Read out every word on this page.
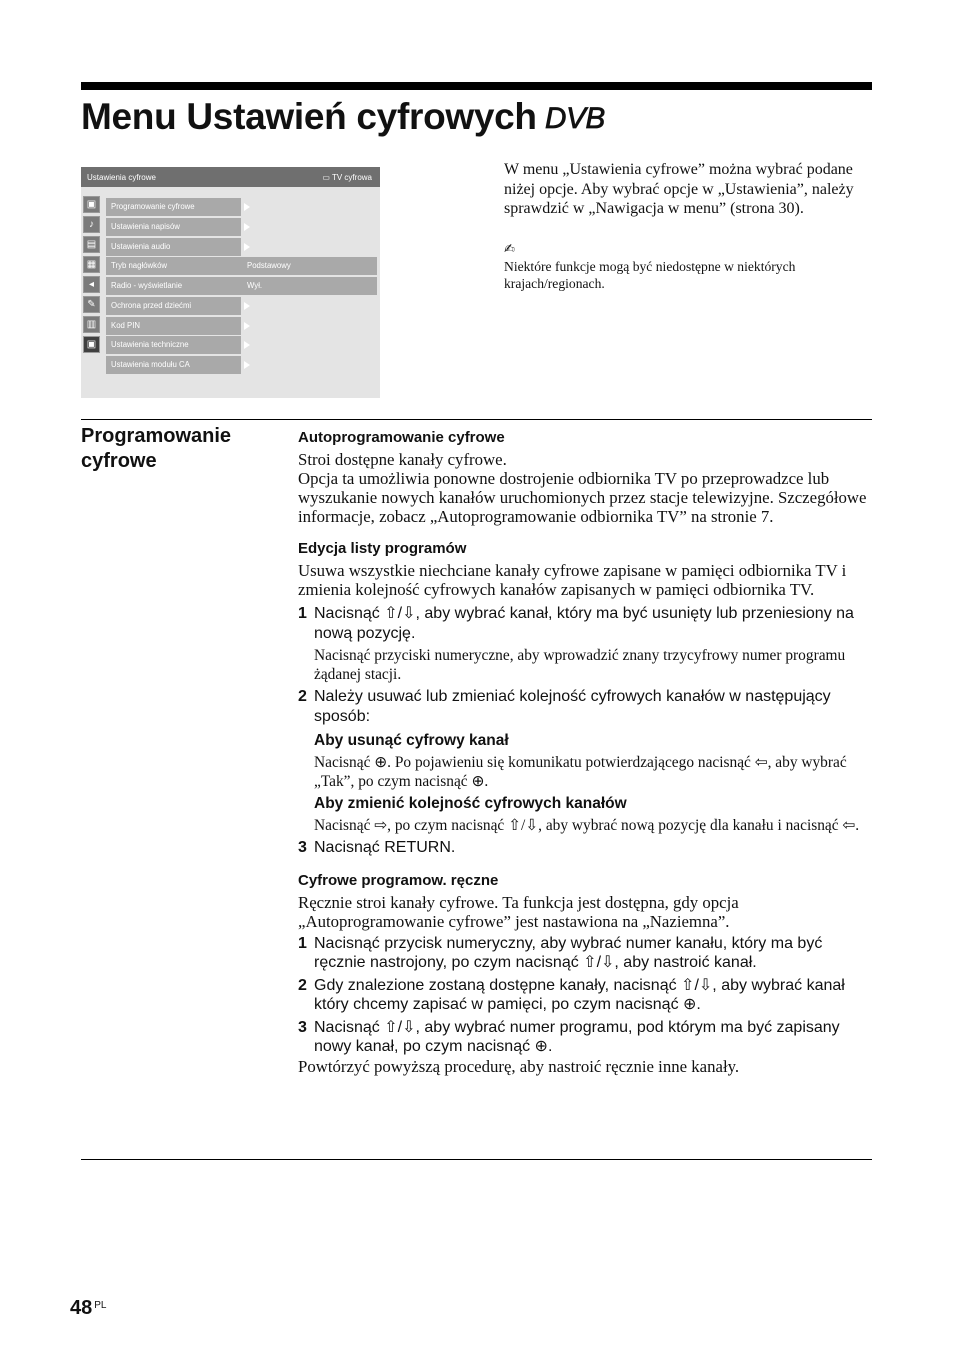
Menu Ustawień cyfrowych DVB
Ustawienia cyfrowe	▭ TV cyfrowa
▣
♪
▤
▦
◂
✎
▥
▣
Programowanie cyfrowe
Ustawienia napisów
Ustawienia audio
Tryb nagłówków	Podstawowy
Radio - wyświetlanie	Wył.
Ochrona przed dziećmi
Kod PIN
Ustawienia techniczne
Ustawienia modułu CA

W menu „Ustawienia cyfrowe” można wybrać podane niżej opcje. Aby wybrać opcje w „Ustawienia”, należy sprawdzić w „Nawigacja w menu” (strona 30).

✍

Niektóre funkcje mogą być niedostępne w niektórych krajach/regionach.

Programowanie cyfrowe

Autoprogramowanie cyfrowe

Stroi dostępne kanały cyfrowe.

Opcja ta umożliwia ponowne dostrojenie odbiornika TV po przeprowadzce lub wyszukanie nowych kanałów uruchomionych przez stacje telewizyjne. Szczegółowe informacje, zobacz „Autoprogramowanie odbiornika TV” na stronie 7.

Edycja listy programów

Usuwa wszystkie niechciane kanały cyfrowe zapisane w pamięci odbiornika TV i zmienia kolejność cyfrowych kanałów zapisanych w pamięci odbiornika TV.

1 Nacisnąć ⇧/⇩, aby wybrać kanał, który ma być usunięty lub przeniesiony na nową pozycję.

Nacisnąć przyciski numeryczne, aby wprowadzić znany trzycyfrowy numer programu żądanej stacji.

2 Należy usuwać lub zmieniać kolejność cyfrowych kanałów w następujący sposób:

Aby usunąć cyfrowy kanał

Nacisnąć ⊕. Po pojawieniu się komunikatu potwierdzającego nacisnąć ⇦, aby wybrać „Tak”, po czym nacisnąć ⊕.

Aby zmienić kolejność cyfrowych kanałów

Nacisnąć ⇨, po czym nacisnąć ⇧/⇩, aby wybrać nową pozycję dla kanału i nacisnąć ⇦.

3 Nacisnąć RETURN.

Cyfrowe programow. ręczne

Ręcznie stroi kanały cyfrowe. Ta funkcja jest dostępna, gdy opcja „Autoprogramowanie cyfrowe” jest nastawiona na „Naziemna”.

1 Nacisnąć przycisk numeryczny, aby wybrać numer kanału, który ma być ręcznie nastrojony, po czym nacisnąć ⇧/⇩, aby nastroić kanał.

2 Gdy znalezione zostaną dostępne kanały, nacisnąć ⇧/⇩, aby wybrać kanał który chcemy zapisać w pamięci, po czym nacisnąć ⊕.

3 Nacisnąć ⇧/⇩, aby wybrać numer programu, pod którym ma być zapisany nowy kanał, po czym nacisnąć ⊕.

Powtórzyć powyższą procedurę, aby nastroić ręcznie inne kanały.

48 $^{PL}$
